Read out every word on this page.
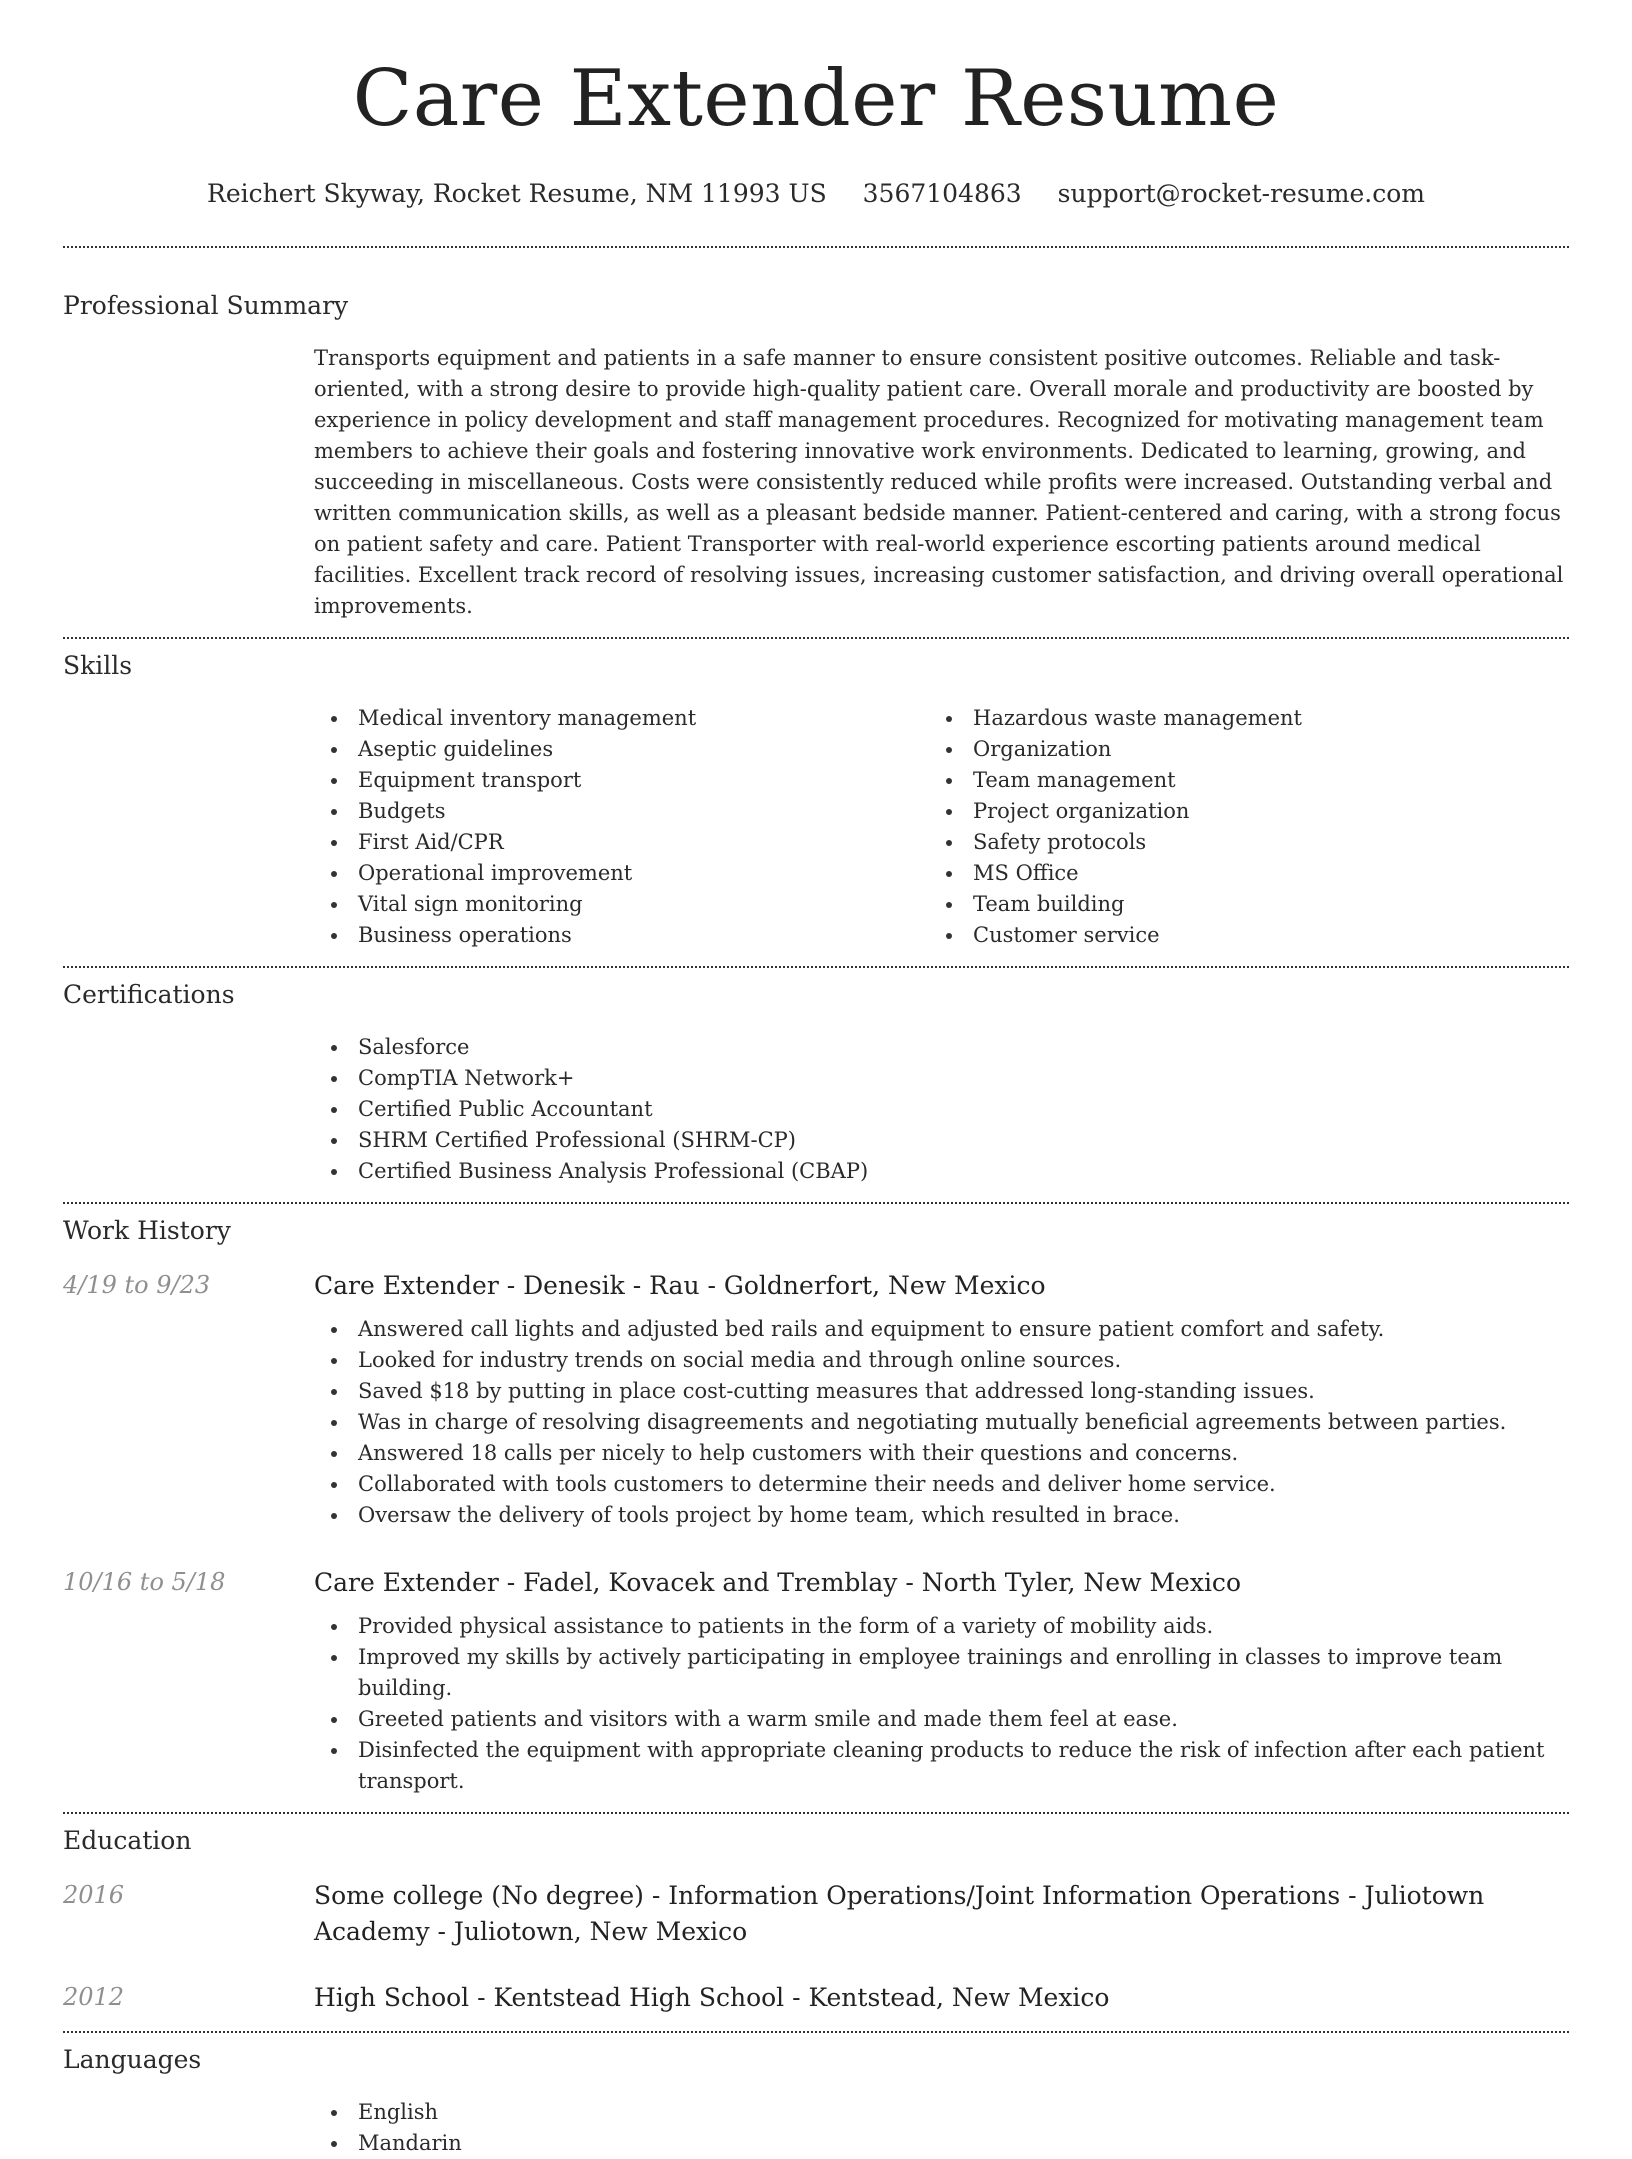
Care Extender Resume
Reichert Skyway, Rocket Resume, NM 11993 US 3567104863 support@rocket-resume.com
Professional Summary

Transports equipment and patients in a safe manner to ensure consistent positive outcomes. Reliable and task-oriented, with a strong desire to provide high-quality patient care. Overall morale and productivity are boosted by experience in policy development and staff management procedures. Recognized for motivating management team members to achieve their goals and fostering innovative work environments. Dedicated to learning, growing, and succeeding in miscellaneous. Costs were consistently reduced while profits were increased. Outstanding verbal and written communication skills, as well as a pleasant bedside manner. Patient-centered and caring, with a strong focus on patient safety and care. Patient Transporter with real-world experience escorting patients around medical facilities. Excellent track record of resolving issues, increasing customer satisfaction, and driving overall operational improvements.

Skills
Medical inventory management
Aseptic guidelines
Equipment transport
Budgets
First Aid/CPR
Operational improvement
Vital sign monitoring
Business operations
Hazardous waste management
Organization
Team management
Project organization
Safety protocols
MS Office
Team building
Customer service
Certifications
Salesforce
CompTIA Network+
Certified Public Accountant
SHRM Certified Professional (SHRM-CP)
Certified Business Analysis Professional (CBAP)
Work History
4/19 to 9/23	Care Extender - Denesik - Rau - Goldnerfort, New Mexico
Answered call lights and adjusted bed rails and equipment to ensure patient comfort and safety.
Looked for industry trends on social media and through online sources.
Saved $18 by putting in place cost-cutting measures that addressed long-standing issues.
Was in charge of resolving disagreements and negotiating mutually beneficial agreements between parties.
Answered 18 calls per nicely to help customers with their questions and concerns.
Collaborated with tools customers to determine their needs and deliver home service.
Oversaw the delivery of tools project by home team, which resulted in brace.
10/16 to 5/18	Care Extender - Fadel, Kovacek and Tremblay - North Tyler, New Mexico
Provided physical assistance to patients in the form of a variety of mobility aids.
Improved my skills by actively participating in employee trainings and enrolling in classes to improve team building.
Greeted patients and visitors with a warm smile and made them feel at ease.
Disinfected the equipment with appropriate cleaning products to reduce the risk of infection after each patient transport.
Education
2016	Some college (No degree) - Information Operations/Joint Information Operations - Juliotown Academy - Juliotown, New Mexico
2012	High School - Kentstead High School - Kentstead, New Mexico
Languages
English
Mandarin
